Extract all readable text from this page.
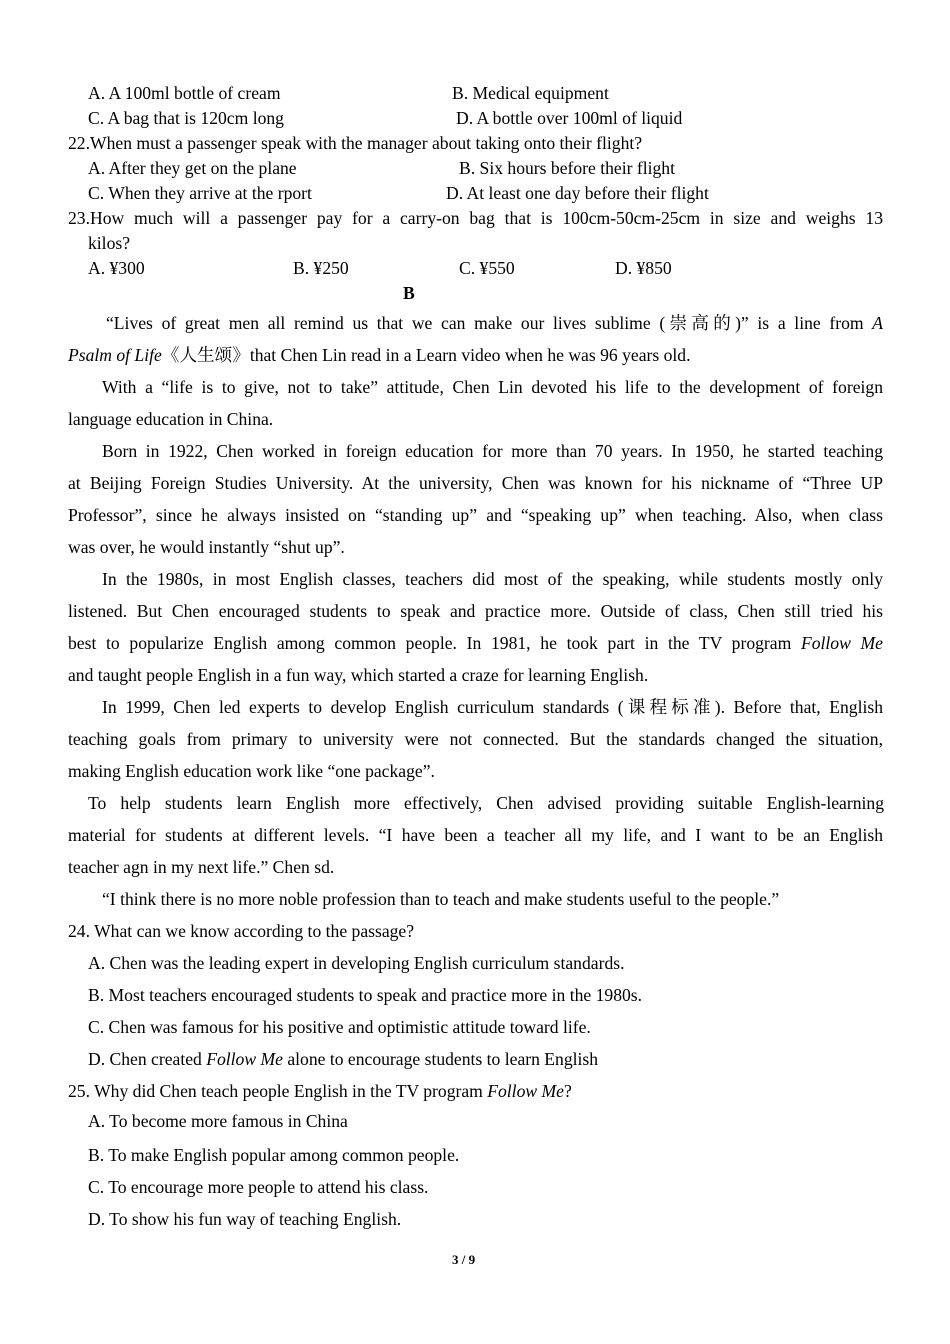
A. A 100ml bottle of cream	B. Medical equipment
C. A bag that is 120cm long	D. A bottle over 100ml of liquid
22.When must a passenger speak with the manager about taking onto their flight?
A. After they get on the plane	B. Six hours before their flight
C. When they arrive at the rport	D. At least one day before their flight
23.How much will a passenger pay for a carry-on bag that is 100cm-50cm-25cm in size and weighs 13
kilos?
A. ¥300	B. ¥250	C. ¥550	D. ¥850
B
“Lives of great men all remind us that we can make our lives sublime (崇高的)” is a line from A
Psalm of Life《人生颂》that Chen Lin read in a Learn video when he was 96 years old.
With a “life is to give, not to take” attitude, Chen Lin devoted his life to the development of foreign
language education in China.
Born in 1922, Chen worked in foreign education for more than 70 years. In 1950, he started teaching
at Beijing Foreign Studies University. At the university, Chen was known for his nickname of “Three UP
Professor”, since he always insisted on “standing up” and “speaking up” when teaching. Also, when class
was over, he would instantly “shut up”.
In the 1980s, in most English classes, teachers did most of the speaking, while students mostly only
listened. But Chen encouraged students to speak and practice more. Outside of class, Chen still tried his
best to popularize English among common people. In 1981, he took part in the TV program Follow Me
and taught people English in a fun way, which started a craze for learning English.
In 1999, Chen led experts to develop English curriculum standards (课程标准). Before that, English
teaching goals from primary to university were not connected. But the standards changed the situation,
making English education work like “one package”.
To help students learn English more effectively, Chen advised providing suitable English-learning
material for students at different levels. “I have been a teacher all my life, and I want to be an English
teacher agn in my next life.” Chen sd.
“I think there is no more noble profession than to teach and make students useful to the people.”
24. What can we know according to the passage?
A. Chen was the leading expert in developing English curriculum standards.
B. Most teachers encouraged students to speak and practice more in the 1980s.
C. Chen was famous for his positive and optimistic attitude toward life.
D. Chen created Follow Me alone to encourage students to learn English
25. Why did Chen teach people English in the TV program Follow Me?
A. To become more famous in China
B. To make English popular among common people.
C. To encourage more people to attend his class.
D. To show his fun way of teaching English.
3 / 9
